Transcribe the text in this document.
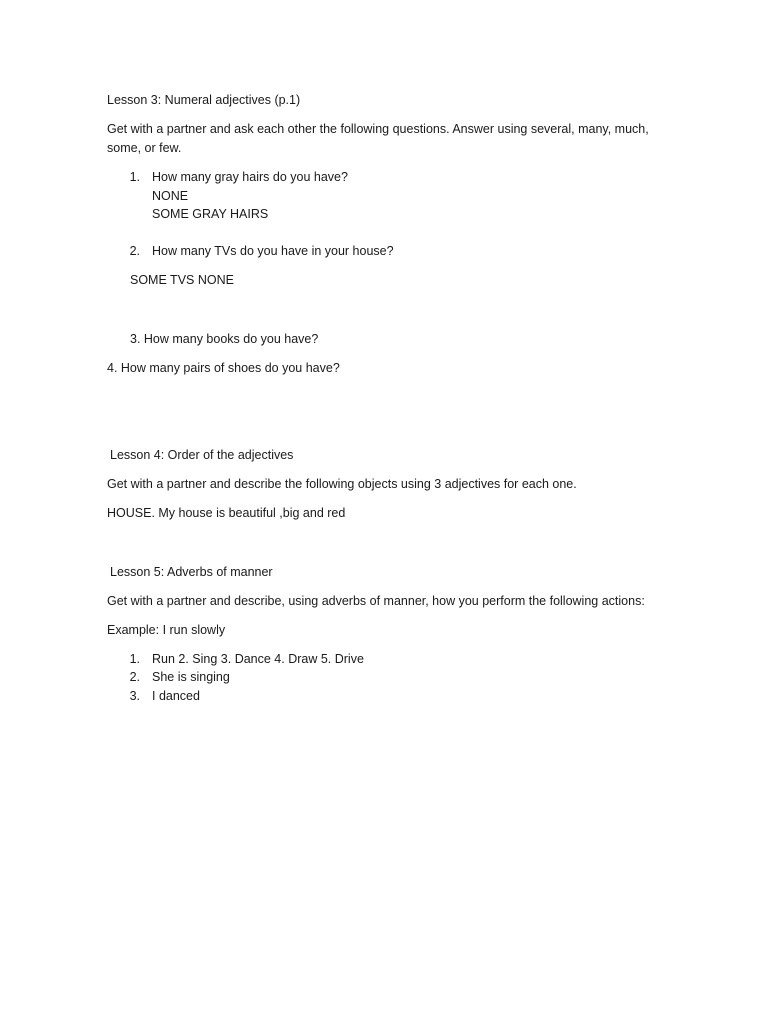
Lesson 3: Numeral adjectives (p.1)
Get with a partner and ask each other the following questions. Answer using several, many, much,
some, or few.
1. How many gray hairs do you have?
NONE
SOME GRAY HAIRS
2. How many TVs do you have in your house?
SOME TVS NONE
3. How many books do you have?
4. How many pairs of shoes do you have?
Lesson 4: Order of the adjectives
Get with a partner and describe the following objects using 3 adjectives for each one.
HOUSE. My house is beautiful ,big and red
Lesson 5: Adverbs of manner
Get with a partner and describe, using adverbs of manner, how you perform the following actions:
Example: I run slowly
1. Run 2. Sing 3. Dance 4. Draw 5. Drive
2. She is singing
3. I danced
